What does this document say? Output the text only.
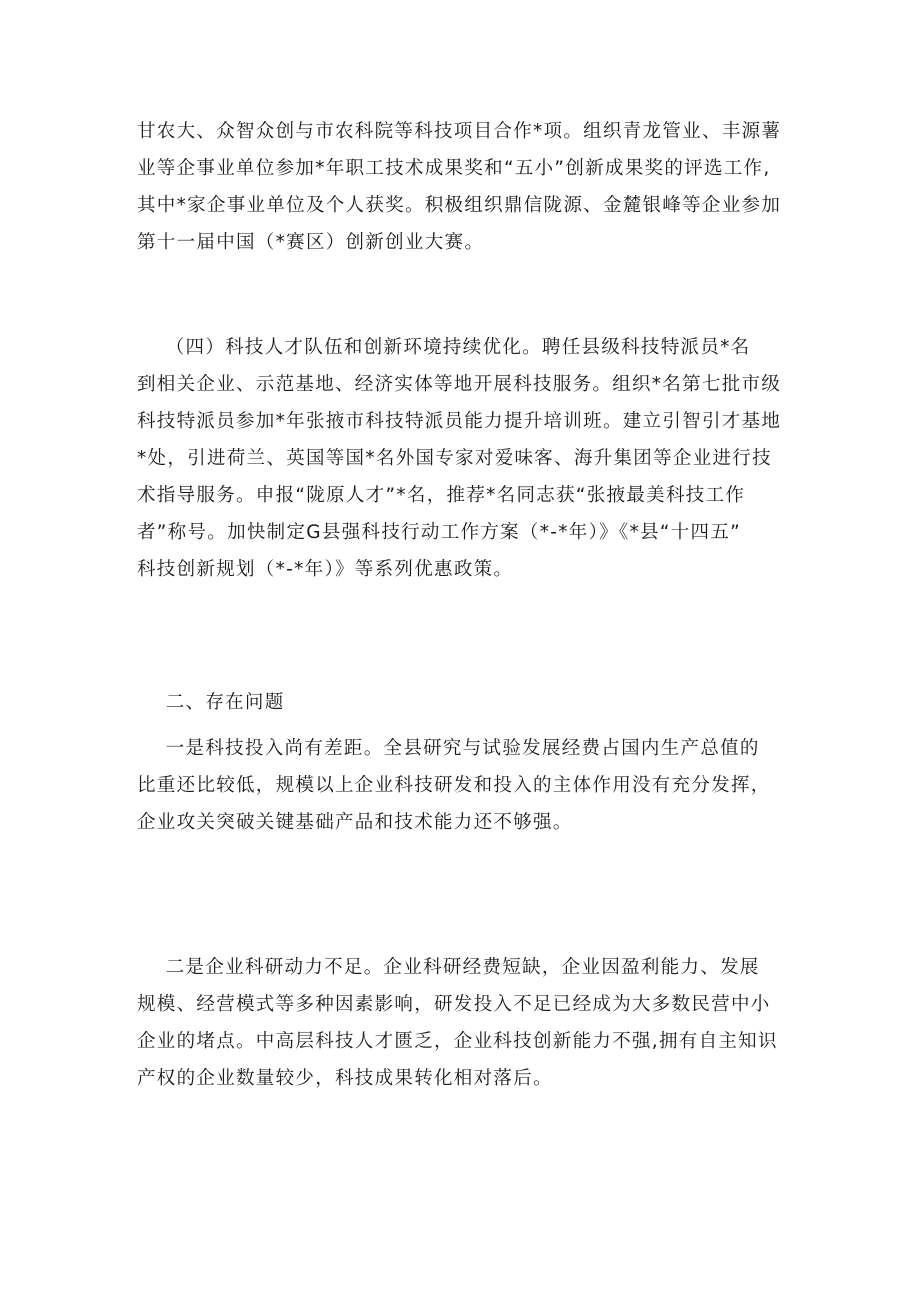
甘农大、众智众创与市农科院等科技项目合作*项。组织青龙管业、丰源薯
业等企事业单位参加*年职工技术成果奖和“五小”创新成果奖的评选工作,
其中*家企事业单位及个人获奖。积极组织鼎信陇源、金麓银峰等企业参加
第十一届中国（*赛区）创新创业大赛。
（四）科技人才队伍和创新环境持续优化。聘任县级科技特派员*名
到相关企业、示范基地、经济实体等地开展科技服务。组织*名第七批市级
科技特派员参加*年张掖市科技特派员能力提升培训班。建立引智引才基地
*处，引进荷兰、英国等国*名外国专家对爱味客、海升集团等企业进行技
术指导服务。申报“陇原人才”*名，推荐*名同志获“张掖最美科技工作
者”称号。加快制定G县强科技行动工作方案（*-*年）》《*县“十四五”
科技创新规划（*-*年）》等系列优惠政策。
二、存在问题
一是科技投入尚有差距。全县研究与试验发展经费占国内生产总值的
比重还比较低，规模以上企业科技研发和投入的主体作用没有充分发挥，
企业攻关突破关键基础产品和技术能力还不够强。
二是企业科研动力不足。企业科研经费短缺，企业因盈利能力、发展
规模、经营模式等多种因素影响，研发投入不足已经成为大多数民营中小
企业的堵点。中高层科技人才匮乏，企业科技创新能力不强,拥有自主知识
产权的企业数量较少，科技成果转化相对落后。
